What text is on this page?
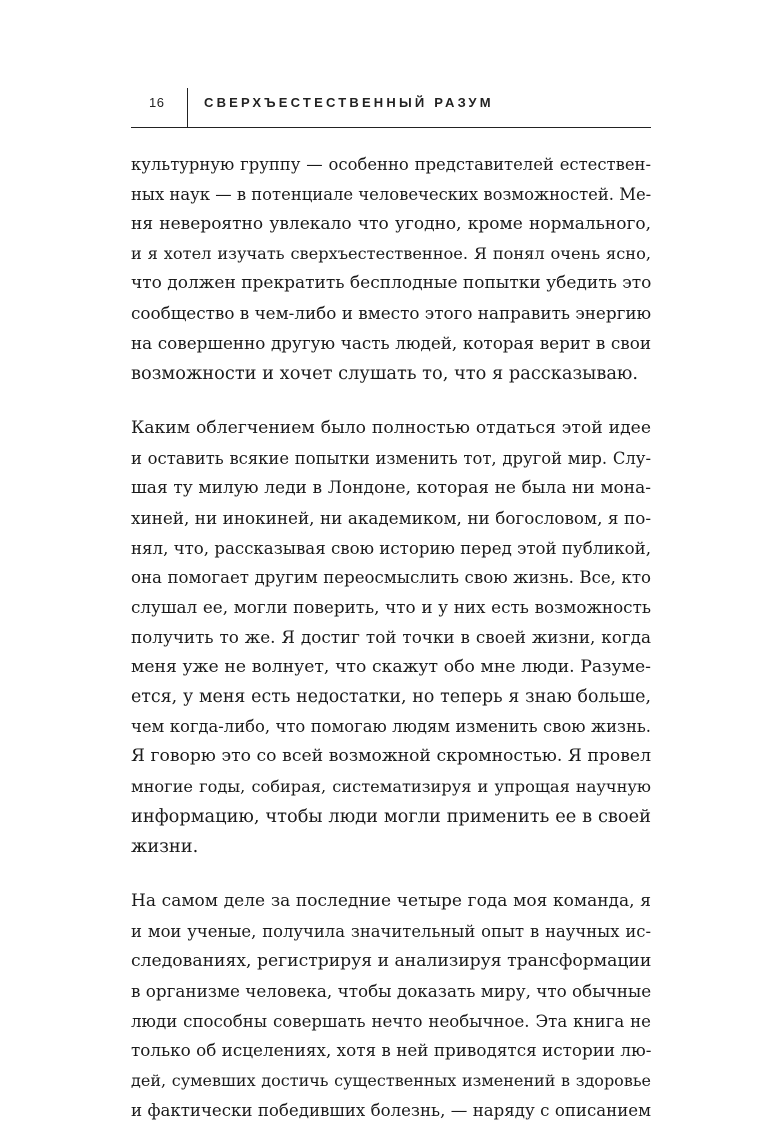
16	СВЕРХЪЕСТЕСТВЕННЫЙ РАЗУМ
культурную группу — особенно представителей естествен-
ных наук — в потенциале человеческих возможностей. Ме-
ня невероятно увлекало что угодно, кроме нормального,
и я хотел изучать сверхъестественное. Я понял очень ясно,
что должен прекратить бесплодные попытки убедить это
сообщество в чем-либо и вместо этого направить энергию
на совершенно другую часть людей, которая верит в свои
возможности и хочет слушать то, что я рассказываю.
Каким облегчением было полностью отдаться этой идее
и оставить всякие попытки изменить тот, другой мир. Слу-
шая ту милую леди в Лондоне, которая не была ни мона-
хиней, ни инокиней, ни академиком, ни богословом, я по-
нял, что, рассказывая свою историю перед этой публикой,
она помогает другим переосмыслить свою жизнь. Все, кто
слушал ее, могли поверить, что и у них есть возможность
получить то же. Я достиг той точки в своей жизни, когда
меня уже не волнует, что скажут обо мне люди. Разуме-
ется, у меня есть недостатки, но теперь я знаю больше,
чем когда-либо, что помогаю людям изменить свою жизнь.
Я говорю это со всей возможной скромностью. Я провел
многие годы, собирая, систематизируя и упрощая научную
информацию, чтобы люди могли применить ее в своей
жизни.
На самом деле за последние четыре года моя команда, я
и мои ученые, получила значительный опыт в научных ис-
следованиях, регистрируя и анализируя трансформации
в организме человека, чтобы доказать миру, что обычные
люди способны совершать нечто необычное. Эта книга не
только об исцелениях, хотя в ней приводятся истории лю-
дей, сумевших достичь существенных изменений в здоровье
и фактически победивших болезнь, — наряду с описанием
